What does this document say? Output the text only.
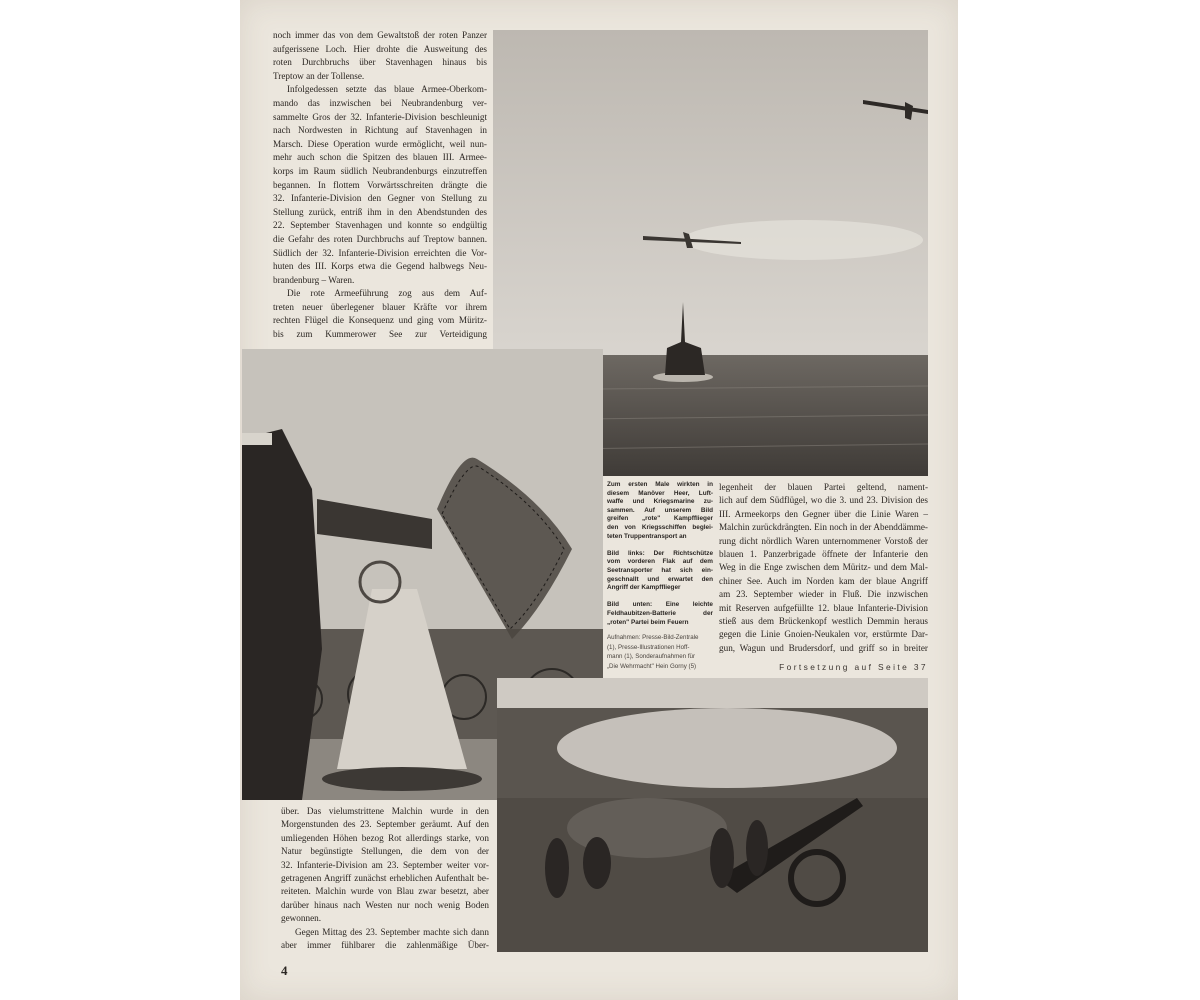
noch immer das von dem Gewaltstoß der roten Panzer
aufgerissene Loch. Hier drohte die Ausweitung des
roten Durchbruchs über Stavenhagen hinaus bis
Treptow an der Tollense.
Infolgedessen setzte das blaue Armee-Oberkom-
mando das inzwischen bei Neubrandenburg ver-
sammelte Gros der 32. Infanterie-Division beschleunigt
nach Nordwesten in Richtung auf Stavenhagen in
Marsch. Diese Operation wurde ermöglicht, weil nun-
mehr auch schon die Spitzen des blauen III. Armee-
korps im Raum südlich Neubrandenburgs einzutreffen
begannen. In flottem Vorwärtsschreiten drängte die
32. Infanterie-Division den Gegner von Stellung zu
Stellung zurück, entriß ihm in den Abendstunden des
22. September Stavenhagen und konnte so endgültig
die Gefahr des roten Durchbruchs auf Treptow bannen.
Südlich der 32. Infanterie-Division erreichten die Vor-
huten des III. Korps etwa die Gegend halbwegs Neu-
brandenburg – Waren.
Die rote Armeeführung zog aus dem Auf-
treten neuer überlegener blauer Kräfte vor ihrem
rechten Flügel die Konsequenz und ging vom Müritz-
bis zum Kummerower See zur Verteidigung
Zum ersten Male wirkten in
diesem Manöver Heer, Luft-
waffe und Kriegsmarine zu-
sammen. Auf unserem Bild
greifen „rote" Kampfflieger
den von Kriegsschiffen beglei-
teten Truppentransport an
Bild links: Der Richtschütze
vom vorderen Flak auf dem
Seetransporter hat sich ein-
geschnallt und erwartet den
Angriff der Kampfflieger
Bild unten: Eine leichte
Feldhaubitzen-Batterie der
„roten" Partei beim Feuern
Aufnahmen: Presse-Bild-Zentrale
(1), Presse-Illustrationen Hoff-
mann (1), Sonderaufnahmen für
„Die Wehrmacht" Hein Gorny (5)
legenheit der blauen Partei geltend, nament-
lich auf dem Südflügel, wo die 3. und 23. Division des
III. Armeekorps den Gegner über die Linie Waren –
Malchin zurückdrängten. Ein noch in der Abenddämme-
rung dicht nördlich Waren unternommener Vorstoß der
blauen 1. Panzerbrigade öffnete der Infanterie den
Weg in die Enge zwischen dem Müritz- und dem Mal-
chiner See. Auch im Norden kam der blaue Angriff
am 23. September wieder in Fluß. Die inzwischen
mit Reserven aufgefüllte 12. blaue Infanterie-Division
stieß aus dem Brückenkopf westlich Demmin heraus
gegen die Linie Gnoien-Neukalen vor, erstürmte Dar-
gun, Wagun und Brudersdorf, und griff so in breiter
Fortsetzung auf Seite 37
über. Das vielumstrittene Malchin wurde in den
Morgenstunden des 23. September geräumt. Auf den
umliegenden Höhen bezog Rot allerdings starke, von
Natur begünstigte Stellungen, die dem von der
32. Infanterie-Division am 23. September weiter vor-
getragenen Angriff zunächst erheblichen Aufenthalt be-
reiteten. Malchin wurde von Blau zwar besetzt, aber
darüber hinaus nach Westen nur noch wenig Boden
gewonnen.
Gegen Mittag des 23. September machte sich dann
aber immer fühlbarer die zahlenmäßige Über-
4
